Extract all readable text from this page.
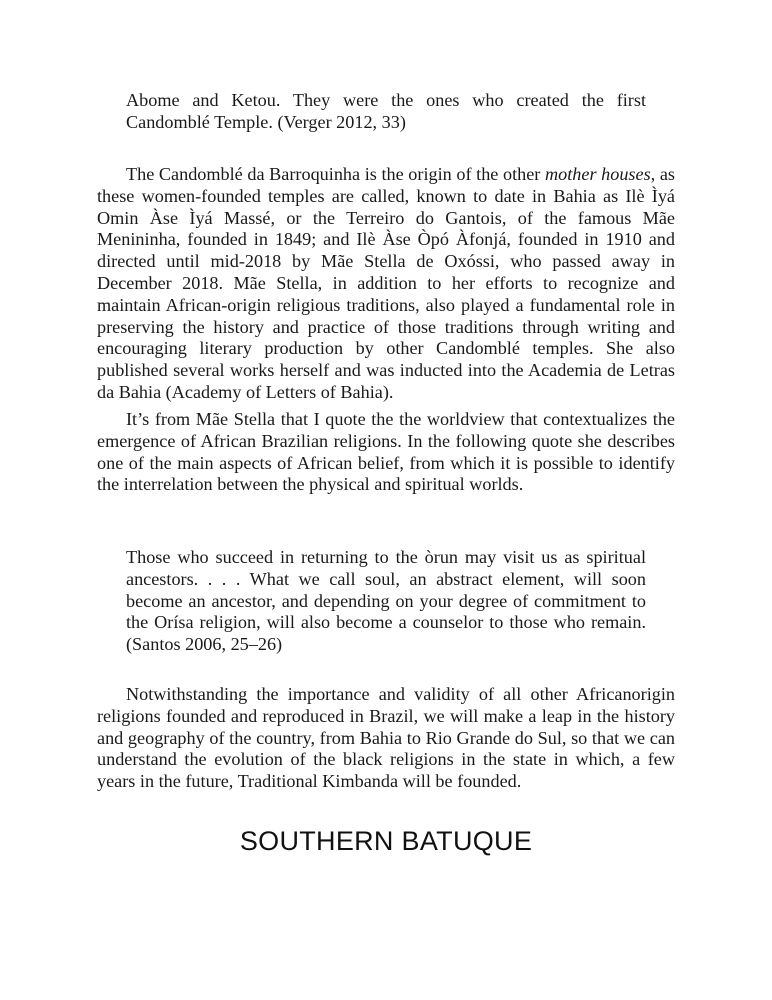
Abome and Ketou. They were the ones who created the first Candomblé Temple. (Verger 2012, 33)

The Candomblé da Barroquinha is the origin of the other mother houses, as these women-founded temples are called, known to date in Bahia as Ilè Ìyá Omin Àse Ìyá Massé, or the Terreiro do Gantois, of the famous Mãe Menininha, founded in 1849; and Ilè Àse Òpó Àfonjá, founded in 1910 and directed until mid-2018 by Mãe Stella de Oxóssi, who passed away in December 2018. Mãe Stella, in addition to her efforts to recognize and maintain African-origin religious traditions, also played a fundamental role in preserving the history and practice of those traditions through writing and encouraging literary production by other Candomblé temples. She also published several works herself and was inducted into the Academia de Letras da Bahia (Academy of Letters of Bahia).

It’s from Mãe Stella that I quote the the worldview that contextualizes the emergence of African Brazilian religions. In the following quote she describes one of the main aspects of African belief, from which it is possible to identify the interrelation between the physical and spiritual worlds.

Those who succeed in returning to the òrun may visit us as spiritual ancestors. . . . What we call soul, an abstract element, will soon become an ancestor, and depending on your degree of commitment to the Orísa religion, will also become a counselor to those who remain. (Santos 2006, 25–26)

Notwithstanding the importance and validity of all other Africanorigin religions founded and reproduced in Brazil, we will make a leap in the history and geography of the country, from Bahia to Rio Grande do Sul, so that we can understand the evolution of the black religions in the state in which, a few years in the future, Traditional Kimbanda will be founded.

SOUTHERN BATUQUE
